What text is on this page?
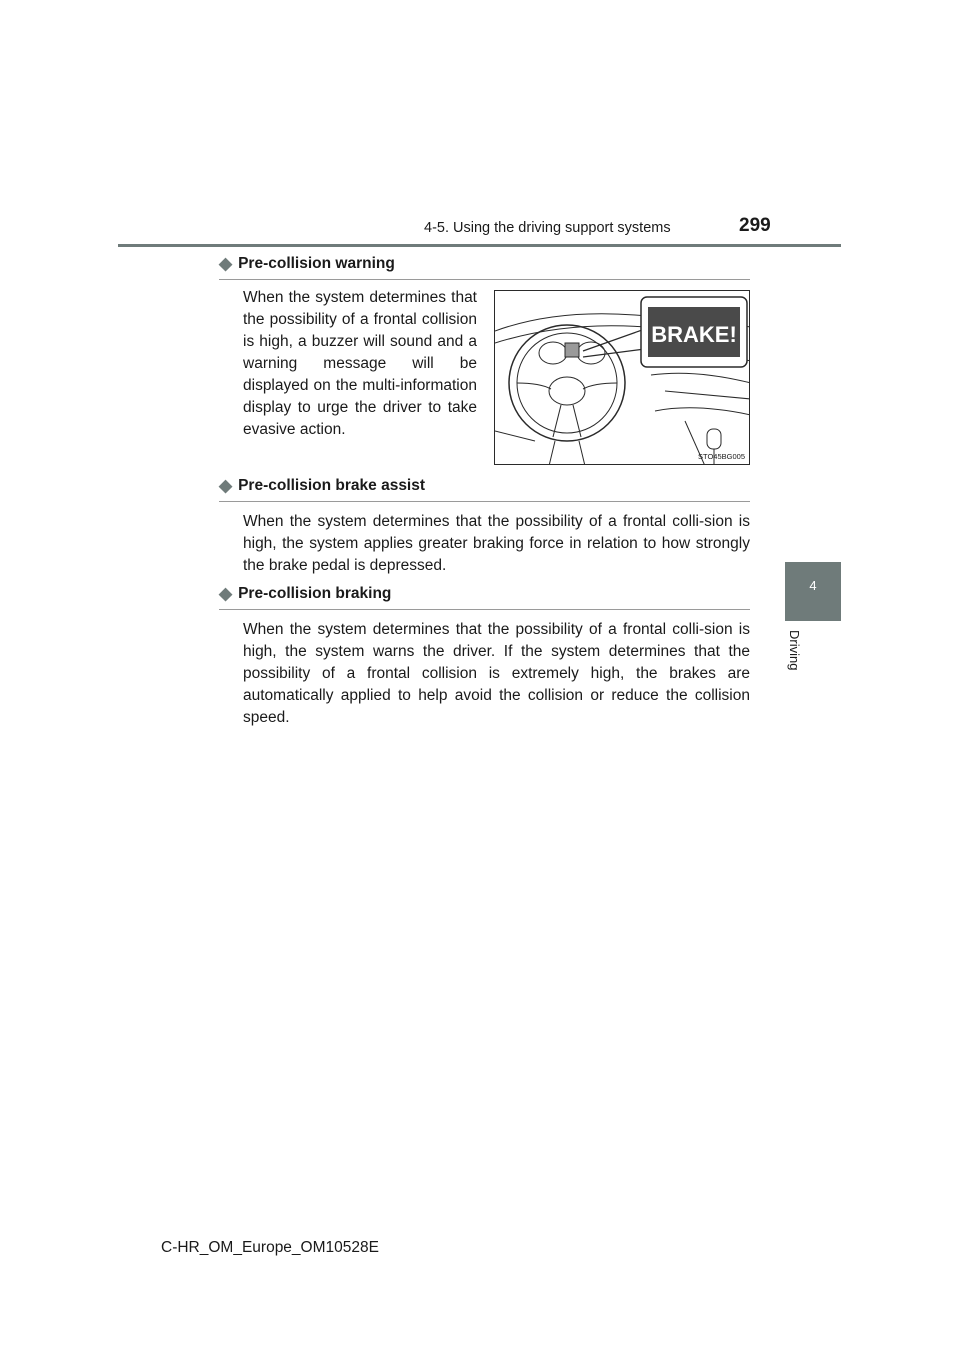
4-5. Using the driving support systems	299
4
Driving
◆ Pre-collision warning
When the system determines that the possibility of a frontal collision is high, a buzzer will sound and a warning message will be displayed on the multi-information display to urge the driver to take evasive action.
BRAKE!
STO45BG005
◆ Pre-collision brake assist
When the system determines that the possibility of a frontal colli-sion is high, the system applies greater braking force in relation to how strongly the brake pedal is depressed.
◆ Pre-collision braking
When the system determines that the possibility of a frontal colli-sion is high, the system warns the driver. If the system determines that the possibility of a frontal collision is extremely high, the brakes are automatically applied to help avoid the collision or reduce the collision speed.
C-HR_OM_Europe_OM10528E
